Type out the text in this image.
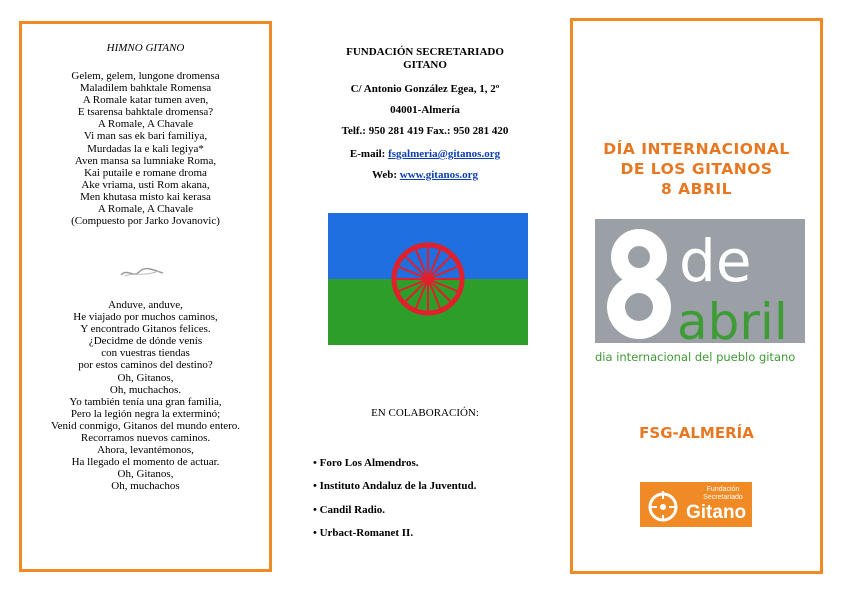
HIMNO GITANO
Gelem, gelem, lungone dromensa
Maladilem bahktale Romensa
A Romale katar tumen aven,
E tsarensa bahktale dromensa?
A Romale, A Chavale
Vi man sas ek bari familiya,
Murdadas la e kali legiya*
Aven mansa sa lumniake Roma,
Kai putaile e romane droma
Ake vriama, usti Rom akana,
Men khutasa misto kai kerasa
A Romale, A Chavale
(Compuesto por Jarko Jovanovic)
Anduve, anduve,
He viajado por muchos caminos,
Y encontrado Gitanos felices.
¿Decidme de dónde venís
con vuestras tiendas
por estos caminos del destino?
Oh, Gitanos,
Oh, muchachos.
Yo también tenía una gran familia,
Pero la legión negra la exterminó;
Venid conmigo, Gitanos del mundo entero.
Recorramos nuevos caminos.
Ahora, levantémonos,
Ha llegado el momento de actuar.
Oh, Gitanos,
Oh, muchachos
FUNDACIÓN SECRETARIADO
GITANO
C/ Antonio González Egea, 1, 2º
04001-Almería
Telf.: 950 281 419 Fax.: 950 281 420
E-mail: fsgalmeria@gitanos.org
Web: www.gitanos.org
EN COLABORACIÓN:
• Foro Los Almendros.
• Instituto Andaluz de la Juventud.
• Candil Radio.
• Urbact-Romanet II.
DÍA INTERNACIONAL
DE LOS GITANOS
8 ABRIL
de
abril
dia internacional del pueblo gitano
FSG-ALMERÍA
Fundación
Secretariado
Gitano
